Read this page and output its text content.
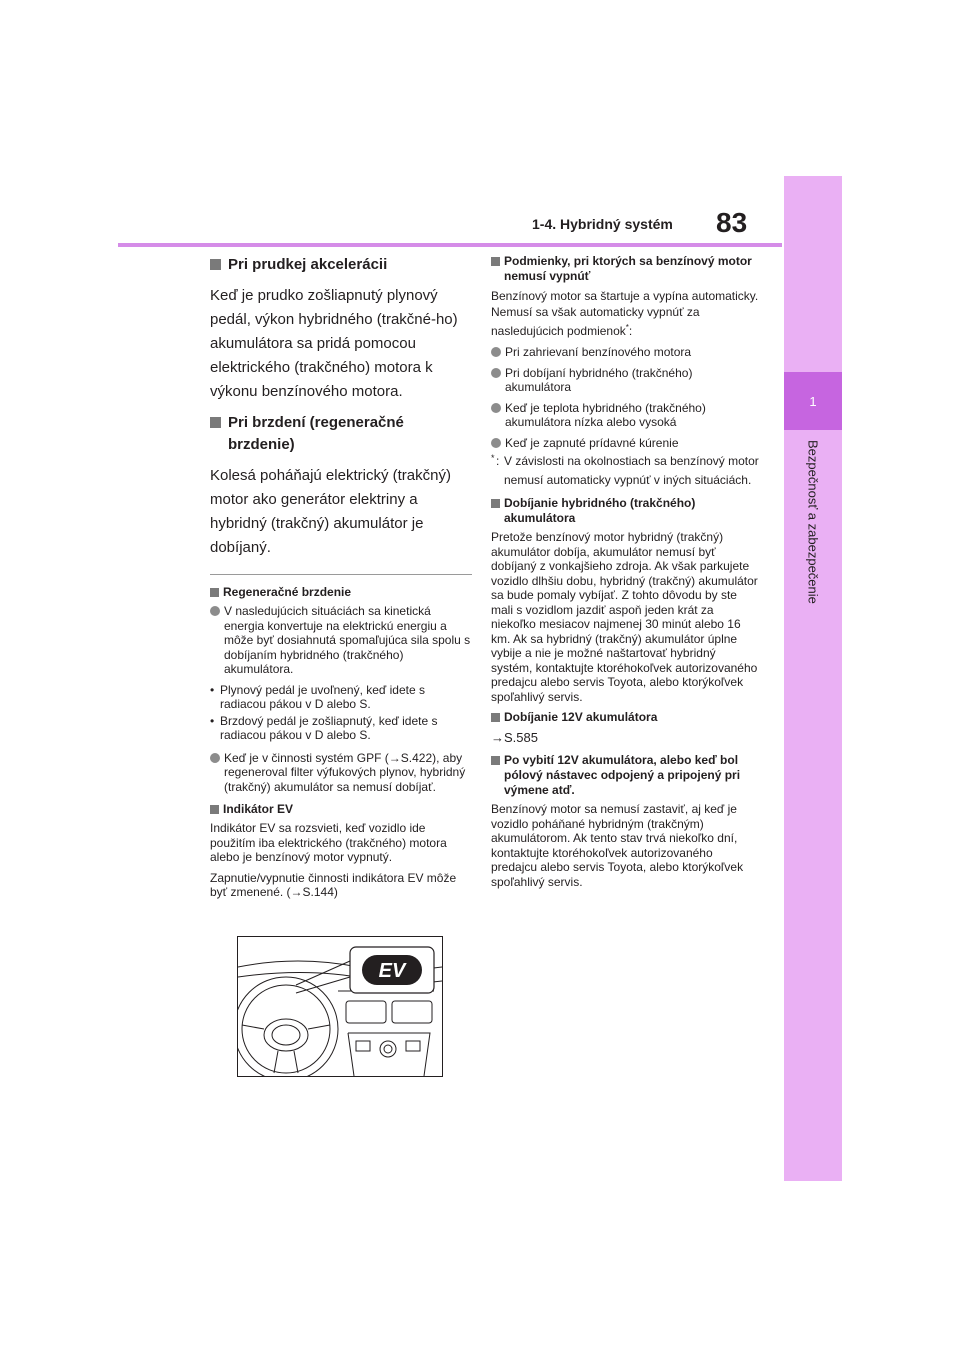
1-4. Hybridný systém 83
1
Bezpečnosť a zabezpečenie
Pri prudkej akcelerácii

Keď je prudko zošliapnutý plynový pedál, výkon hybridného (trakčné-ho) akumulátora sa pridá pomocou elektrického (trakčného) motora k výkonu benzínového motora.

Pri brzdení (regeneračné brzdenie)

Kolesá poháňajú elektrický (trakčný) motor ako generátor elektriny a hybridný (trakčný) akumulátor je dobíjaný.

Regeneračné brzdenie
V nasledujúcich situáciách sa kinetická energia konvertuje na elektrickú energiu a môže byť dosiahnutá spomaľujúca sila spolu s dobíjaním hybridného (trakčného) akumulátora.
• Plynový pedál je uvoľnený, keď idete s radiacou pákou v D alebo S.
• Brzdový pedál je zošliapnutý, keď idete s radiacou pákou v D alebo S.
Keď je v činnosti systém GPF (→S.422), aby regeneroval filter výfukových plynov, hybridný (trakčný) akumulátor sa nemusí dobíjať.
Indikátor EV

Indikátor EV sa rozsvieti, keď vozidlo ide použitím iba elektrického (trakčného) motora alebo je benzínový motor vypnutý.

Zapnutie/vypnutie činnosti indikátora EV môže byť zmenené. (→S.144)

EV
Podmienky, pri ktorých sa benzínový motor nemusí vypnúť

Benzínový motor sa štartuje a vypína automaticky. Nemusí sa však automaticky vypnúť za nasledujúcich podmienok*:

Pri zahrievaní benzínového motora
Pri dobíjaní hybridného (trakčného) akumulátora
Keď je teplota hybridného (trakčného) akumulátora nízka alebo vysoká
Keď je zapnuté prídavné kúrenie
* : V závislosti na okolnostiach sa benzínový motor nemusí automaticky vypnúť v iných situáciách.
Dobíjanie hybridného (trakčného) akumulátora

Pretože benzínový motor hybridný (trakčný) akumulátor dobíja, akumulátor nemusí byť dobíjaný z vonkajšieho zdroja. Ak však parkujete vozidlo dlhšiu dobu, hybridný (trakčný) akumulátor sa bude pomaly vybíjať. Z tohto dôvodu by ste mali s vozidlom jazdiť aspoň jeden krát za niekoľko mesiacov najmenej 30 minút alebo 16 km. Ak sa hybridný (trakčný) akumulátor úplne vybije a nie je možné naštartovať hybridný systém, kontaktujte ktoréhokoľvek autorizovaného predajcu alebo servis Toyota, alebo ktorýkoľvek spoľahlivý servis.

Dobíjanie 12V akumulátora

→S.585

Po vybití 12V akumulátora, alebo keď bol pólový nástavec odpojený a pripojený pri výmene atď.

Benzínový motor sa nemusí zastaviť, aj keď je vozidlo poháňané hybridným (trakčným) akumulátorom. Ak tento stav trvá niekoľko dní, kontaktujte ktoréhokoľvek autorizovaného predajcu alebo servis Toyota, alebo ktorýkoľvek spoľahlivý servis.
